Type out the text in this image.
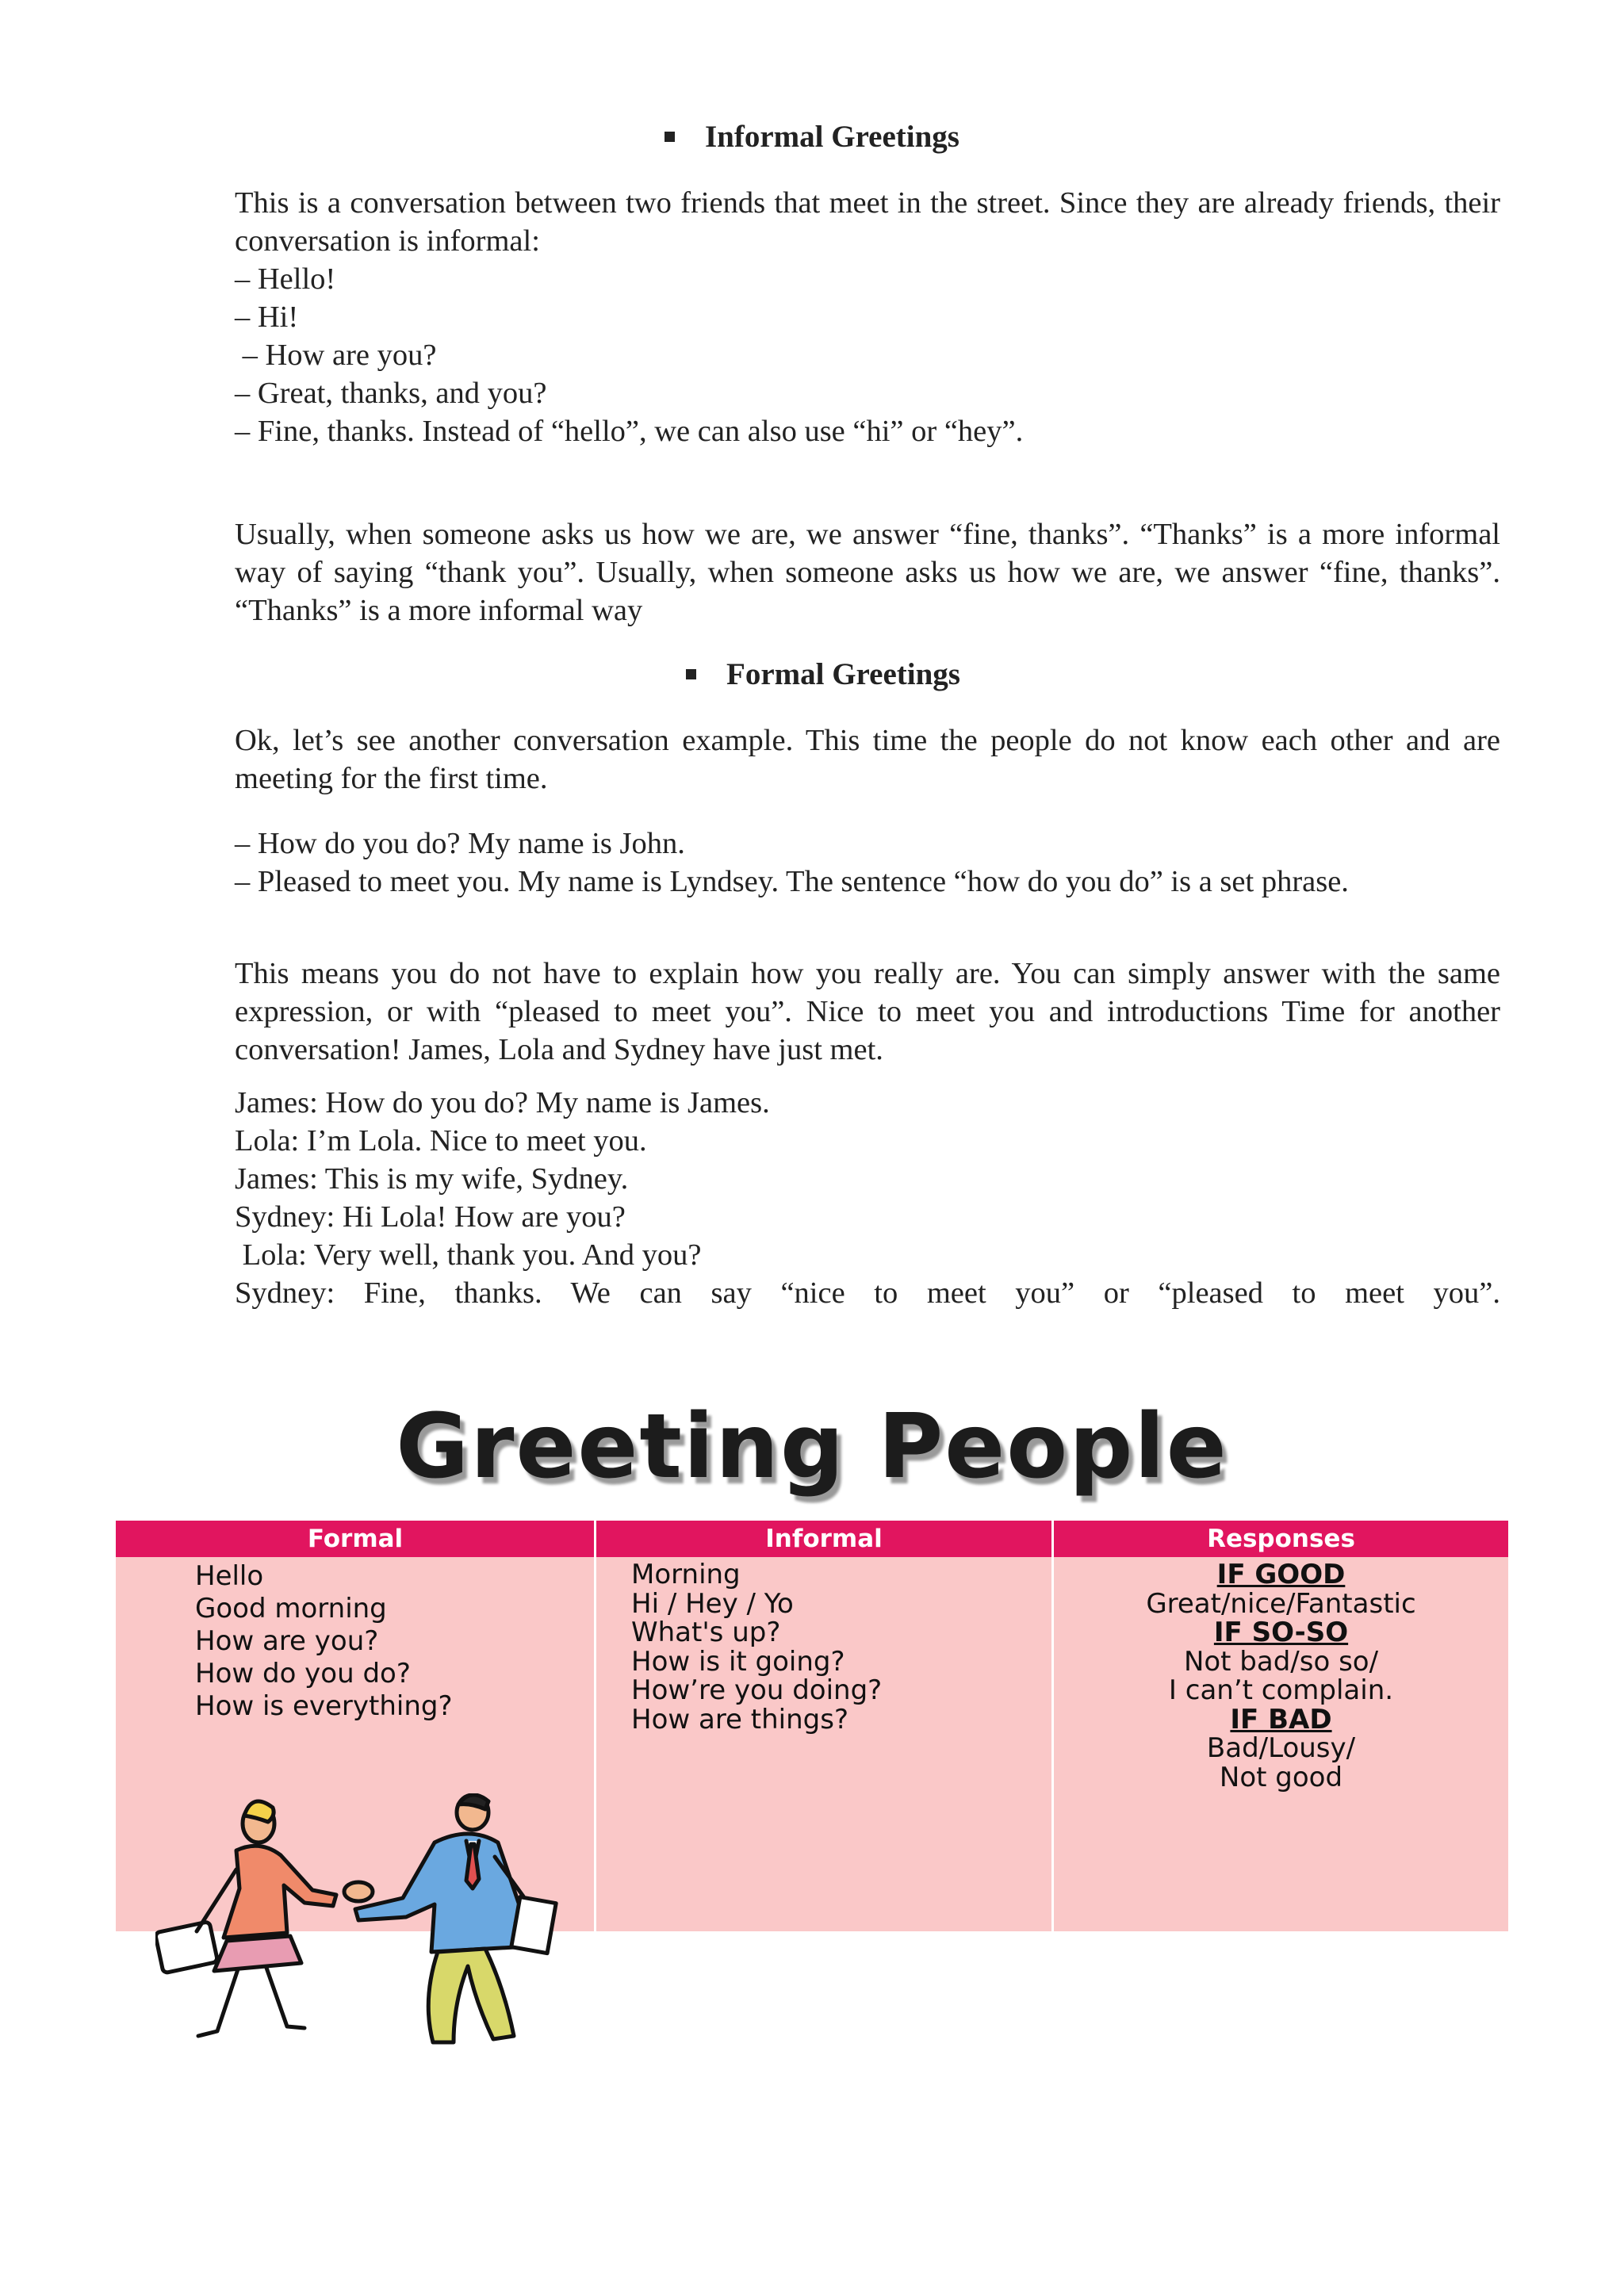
Informal Greetings

This is a conversation between two friends that meet in the street. Since they are already friends, their conversation is informal:

– Hello!
– Hi!
– How are you?
– Great, thanks, and you?
– Fine, thanks. Instead of “hello”, we can also use “hi” or “hey”.

Usually, when someone asks us how we are, we answer “fine, thanks”. “Thanks” is a more informal way of saying “thank you”. Usually, when someone asks us how we are, we answer “fine, thanks”. “Thanks” is a more informal way

Formal Greetings

Ok, let’s see another conversation example. This time the people do not know each other and are meeting for the first time.

– How do you do? My name is John.
– Pleased to meet you. My name is Lyndsey. The sentence “how do you do” is a set phrase.

This means you do not have to explain how you really are. You can simply answer with the same expression, or with “pleased to meet you”. Nice to meet you and introductions Time for another conversation! James, Lola and Sydney have just met.

James: How do you do? My name is James.
Lola: I’m Lola. Nice to meet you.
James: This is my wife, Sydney.
Sydney: Hi Lola! How are you?
Lola: Very well, thank you. And you?
Sydney: Fine, thanks. We can say “nice to meet you” or “pleased to meet you”.
Greeting People
Formal
Hello
Good morning
How are you?
How do you do?
How is everything?
Informal
Morning
Hi / Hey / Yo
What's up?
How is it going?
How’re you doing?
How are things?
Responses
IF GOOD
Great/nice/Fantastic
IF SO-SO
Not bad/so so/
I can’t complain.
IF BAD
Bad/Lousy/
Not good
